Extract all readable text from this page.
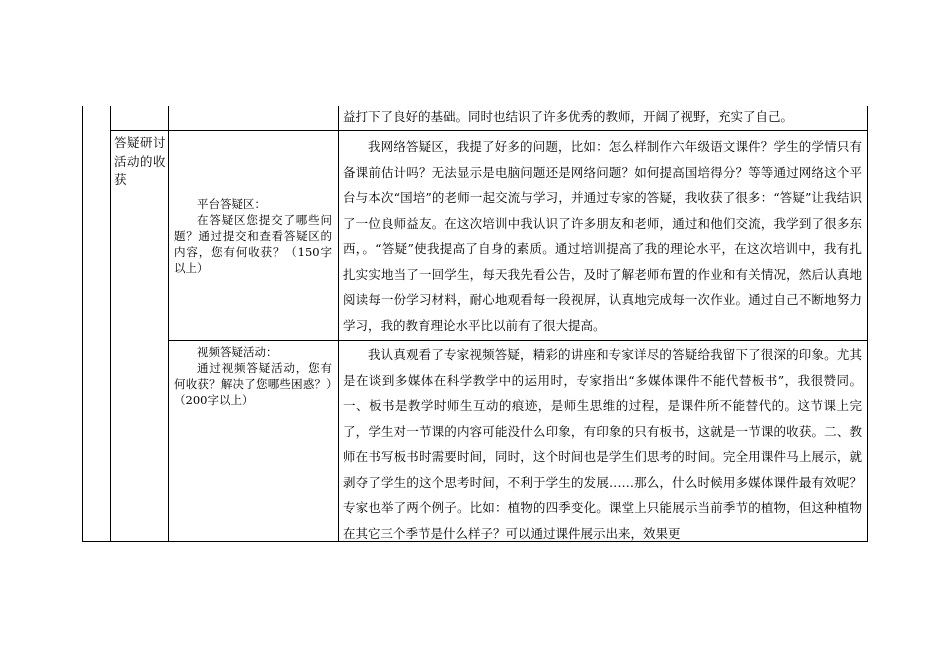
益打下了良好的基础。同时也结识了许多优秀的教师，开阔了视野，充实了自己。
答疑研讨活动的收获

平台答疑区：

在答疑区您提交了哪些问题？通过提交和查看答疑区的内容，您有何收获？（150字以上）

我网络答疑区，我提了好多的问题，比如：怎么样制作六年级语文课件？学生的学情只有备课前估计吗？无法显示是电脑问题还是网络问题？如何提高国培得分？等等通过网络这个平台与本次“国培”的老师一起交流与学习，并通过专家的答疑，我收获了很多：“答疑”让我结识了一位良师益友。在这次培训中我认识了许多朋友和老师，通过和他们交流，我学到了很多东西，。“答疑”使我提高了自身的素质。通过培训提高了我的理论水平，在这次培训中，我有扎扎实实地当了一回学生，每天我先看公告，及时了解老师布置的作业和有关情况，然后认真地阅读每一份学习材料，耐心地观看每一段视屏，认真地完成每一次作业。通过自己不断地努力学习，我的教育理论水平比以前有了很大提高。

视频答疑活动：

通过视频答疑活动，您有何收获？解决了您哪些困惑？）（200字以上）

我认真观看了专家视频答疑，精彩的讲座和专家详尽的答疑给我留下了很深的印象。尤其是在谈到多媒体在科学教学中的运用时，专家指出“多媒体课件不能代替板书”，我很赞同。一、板书是教学时师生互动的痕迹，是师生思维的过程，是课件所不能替代的。这节课上完了，学生对一节课的内容可能没什么印象，有印象的只有板书，这就是一节课的收获。二、教师在书写板书时需要时间，同时，这个时间也是学生们思考的时间。完全用课件马上展示，就剥夺了学生的这个思考时间，不利于学生的发展……那么，什么时候用多媒体课件最有效呢？专家也举了两个例子。比如：植物的四季变化。课堂上只能展示当前季节的植物，但这种植物在其它三个季节是什么样子？可以通过课件展示出来，效果更
